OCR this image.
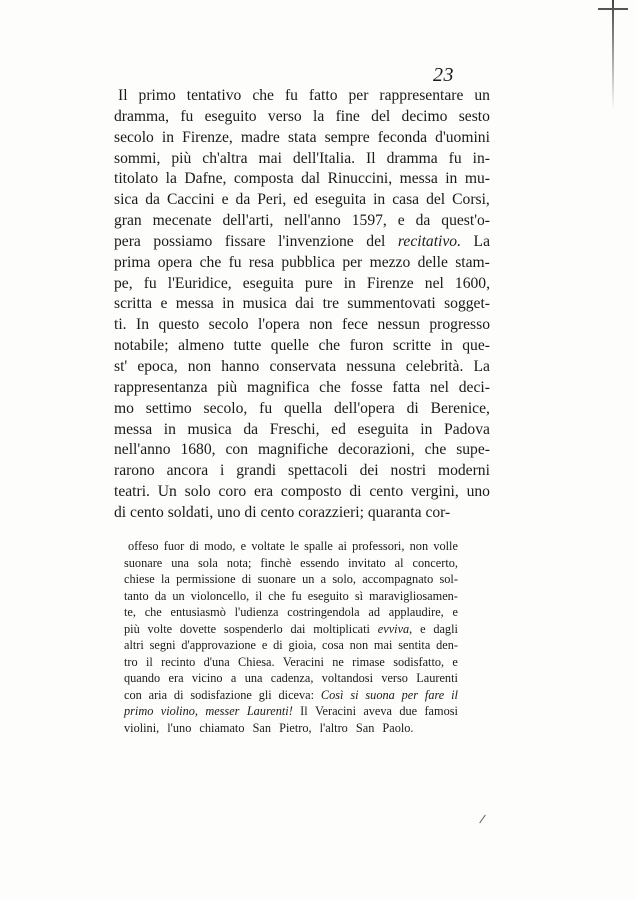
23
Il primo tentativo che fu fatto per rappresentare un
dramma, fu eseguito verso la fine del decimo sesto
secolo in Firenze, madre stata sempre feconda d'uomini
sommi, più ch'altra mai dell'Italia. Il dramma fu in-
titolato la Dafne, composta dal Rinuccini, messa in mu-
sica da Caccini e da Peri, ed eseguita in casa del Corsi,
gran mecenate dell'arti, nell'anno 1597, e da quest'o-
pera possiamo fissare l'invenzione del recitativo. La
prima opera che fu resa pubblica per mezzo delle stam-
pe, fu l'Euridice, eseguita pure in Firenze nel 1600,
scritta e messa in musica dai tre summentovati sogget-
ti. In questo secolo l'opera non fece nessun progresso
notabile; almeno tutte quelle che furon scritte in que-
st' epoca, non hanno conservata nessuna celebrità. La
rappresentanza più magnifica che fosse fatta nel deci-
mo settimo secolo, fu quella dell'opera di Berenice,
messa in musica da Freschi, ed eseguita in Padova
nell'anno 1680, con magnifiche decorazioni, che supe-
rarono ancora i grandi spettacoli dei nostri moderni
teatri. Un solo coro era composto di cento vergini, uno
di
cento
soldati,
uno
di
cento
corazzieri;
quaranta
cor-
offeso fuor di modo, e voltate le spalle ai professori, non volle
suonare una sola nota; finchè essendo invitato al concerto,
chiese la permissione di suonare un a solo, accompagnato sol-
tanto da un violoncello, il che fu eseguito sì maravigliosamen-
te, che entusiasmò l'udienza costringendola ad applaudire, e
più volte dovette sospenderlo dai moltiplicati evviva, e dagli
altri segni d'approvazione e di gioia, cosa non mai sentita den-
tro il recinto d'una Chiesa. Veracini ne rimase sodisfatto, e
quando era vicino a una cadenza, voltandosi verso Laurenti
con aria di sodisfazione gli diceva: Così si suona per fare il
primo violino, messer Laurenti! Il Veracini aveva due famosi
violini,
l'uno
chiamato
San
Pietro,
l'altro
San
Paolo.
